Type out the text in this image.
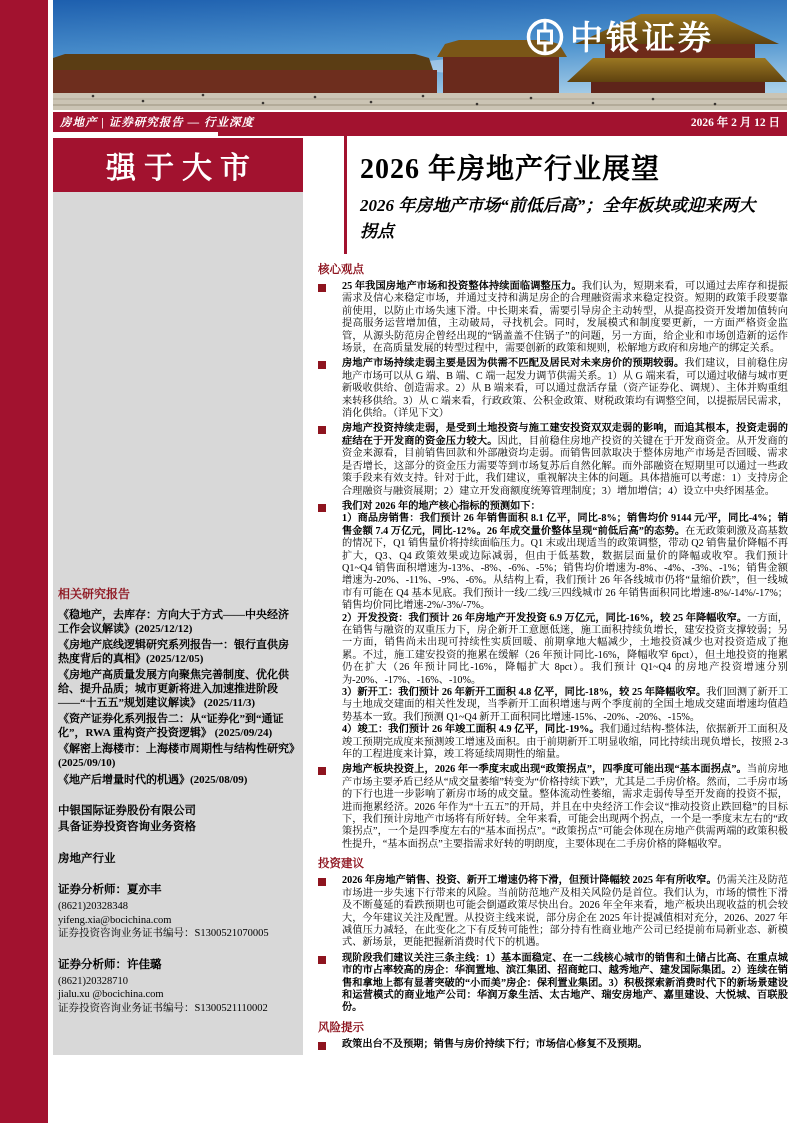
中银证券
房地产 | 证券研究报告 — 行业深度	2026 年 2 月 12 日
强于大市	2026 年房地产行业展望
2026 年房地产市场“前低后高”；全年板块或迎来两大拐点
相关研究报告

《稳地产，去库存：方向大于方式——中央经济工作会议解读》(2025/12/12)

《房地产底线逻辑研究系列报告一：银行直供房热度背后的真相》(2025/12/05)

《房地产高质量发展方向聚焦完善制度、优化供给、提升品质；城市更新将进入加速推进阶段——“十五五”规划建议解读》 (2025/11/3)

《资产证券化系列报告二：从“证券化”到“通证化”，RWA 重构资产投资逻辑》 (2025/09/24)

《解密上海楼市：上海楼市周期性与结构性研究》(2025/09/10)

《地产后增量时代的机遇》(2025/08/09)

中银国际证券股份有限公司
具备证券投资咨询业务资格
房地产行业
证券分析师：夏亦丰
(8621)20328348
yifeng.xia@bocichina.com
证券投资咨询业务证书编号：S1300521070005
证券分析师：许佳璐
(8621)20328710
jialu.xu @bocichina.com
证券投资咨询业务证书编号：S1300521110002
核心观点

25 年我国房地产市场和投资整体持续面临调整压力。我们认为，短期来看，可以通过去库存和提振需求及信心来稳定市场，并通过支持和满足房企的合理融资需求来稳定投资。短期的政策手段要靠前使用，以防止市场失速下滑。中长期来看，需要引导房企主动转型，从提高投资开发增加值转向提高服务运营增加值，主动破局，寻找机会。同时，发展模式和制度要更新，一方面严格资金监管，从源头防范房企曾经出现的“锅盖盖不住锅子”的问题，另一方面，给企业和市场创造新的运作场景，在高质量发展的转型过程中，需要创新的政策和规则，松解地方政府和房地产的绑定关系。

房地产市场持续走弱主要是因为供需不匹配及居民对未来房价的预期较弱。我们建议，目前稳住房地产市场可以从 G 端、B 端、C 端一起发力调节供需关系。1）从 G 端来看，可以通过收储与城市更新吸收供给、创造需求。2）从 B 端来看，可以通过盘活存量（资产证券化、调规）、主体并购重组来转移供给。3）从 C 端来看，行政政策、公积金政策、财税政策均有调整空间，以提振居民需求，消化供给。（详见下文）

房地产投资持续走弱，是受到土地投资与施工建安投资双双走弱的影响，而追其根本，投资走弱的症结在于开发商的资金压力较大。因此，目前稳住房地产投资的关键在于开发商资金。从开发商的资金来源看，目前销售回款和外部融资均走弱。而销售回款取决于整体房地产市场是否回暖、需求是否增长，这部分的资金压力需要等到市场复苏后自然化解。而外部融资在短期里可以通过一些政策手段来有效支持。针对于此，我们建议，重视解决主体的问题。具体措施可以考虑：1）支持房企合理融资与融资展期；2）建立开发商额度统筹管理制度；3）增加增信；4）设立中央纾困基金。

我们对 2026 年的地产核心指标的预测如下：

1）商品房销售：我们预计 26 年销售面积 8.1 亿平，同比-8%；销售均价 9144 元/平，同比-4%；销售金额 7.4 万亿元，同比-12%。26 年成交量价整体呈现“前低后高”的态势。在无政策刺激及高基数的情况下，Q1 销售量价将持续面临压力。Q1 末或出现适当的政策调整，带动 Q2 销售量价降幅不再扩大，Q3、Q4 政策效果或边际减弱，但由于低基数，数据层面量价的降幅或收窄。我们预计 Q1~Q4 销售面积增速为-13%、-8%、-6%、-5%；销售均价增速为-8%、-4%、-3%、-1%；销售金额增速为-20%、-11%、-9%、-6%。从结构上看，我们预计 26 年各线城市仍将“量缩价跌”，但一线城市有可能在 Q4 基本见底。我们预计一线/二线/三四线城市 26 年销售面积同比增速-8%/-14%/-17%；销售均价同比增速-2%/-3%/-7%。

2）开发投资：我们预计 26 年房地产开发投资 6.9 万亿元，同比-16%，较 25 年降幅收窄。一方面，在销售与融资的双重压力下，房企新开工意愿低迷，施工面积持续负增长，建安投资支撑较弱；另一方面，销售尚未出现可持续性实质回暖、前期拿地大幅减少，土地投资减少也对投资造成了拖累。不过，施工建安投资的拖累在缓解（26 年预计同比-16%，降幅收窄 6pct），但土地投资的拖累仍在扩大（26 年预计同比-16%，降幅扩大 8pct）。我们预计 Q1~Q4 的房地产投资增速分别为-20%、-17%、-16%、-10%。

3）新开工：我们预计 26 年新开工面积 4.8 亿平，同比-18%，较 25 年降幅收窄。我们回测了新开工与土地成交建面的相关性发现，当季新开工面积增速与两个季度前的全国土地成交建面增速均值趋势基本一致。我们预测 Q1~Q4 新开工面积同比增速-15%、-20%、-20%、-15%。

4）竣工：我们预计 26 年竣工面积 4.9 亿平，同比-19%。我们通过结构-整体法，依据新开工面积及竣工预期完成度来预测竣工增速及面积。由于前期新开工明显收缩，同比持续出现负增长，按照 2-3 年的工程进度来计算，竣工将延续周期性的缩量。

房地产板块投资上，2026 年一季度末或出现“政策拐点”，四季度可能出现“基本面拐点”。当前房地产市场主要矛盾已经从“成交量萎缩”转变为“价格持续下跌”，尤其是二手房价格。然而，二手房市场的下行也进一步影响了新房市场的成交量。整体流动性萎缩，需求走弱传导至开发商的投资不振，进而拖累经济。2026 年作为“十五五”的开局，并且在中央经济工作会议“推动投资止跌回稳”的目标下，我们预计房地产市场将有所好转。全年来看，可能会出现两个拐点，一个是一季度末左右的“政策拐点”，一个是四季度左右的“基本面拐点”。“政策拐点”可能会体现在房地产供需两端的政策积极性提升，“基本面拐点”主要指需求好转的明朗度，主要体现在二手房价格的降幅收窄。

投资建议

2026 年房地产销售、投资、新开工增速仍将下滑，但预计降幅较 2025 年有所收窄。仍需关注及防范市场进一步失速下行带来的风险。当前防范地产及相关风险仍是首位。我们认为，市场的惯性下滑及不断蔓延的看跌预期也可能会倒逼政策尽快出台。2026 年全年来看，地产板块出现收益的机会较大，今年建议关注及配置。从投资主线来说，部分房企在 2025 年计提减值相对充分，2026、2027 年减值压力减轻，在此变化之下有反转可能性；部分持有性商业地产公司已经提前布局新业态、新模式、新场景，更能把握新消费时代下的机遇。

现阶段我们建议关注三条主线：1）基本面稳定、在一二线核心城市的销售和土储占比高、在重点城市的市占率较高的房企：华润置地、滨江集团、招商蛇口、越秀地产、建发国际集团。2）连续在销售和拿地上都有显著突破的“小而美”房企：保利置业集团。3）积极探索新消费时代下的新场景建设和运营模式的商业地产公司：华润万象生活、太古地产、瑞安房地产、嘉里建设、大悦城、百联股份。

风险提示

政策出台不及预期；销售与房价持续下行；市场信心修复不及预期。
